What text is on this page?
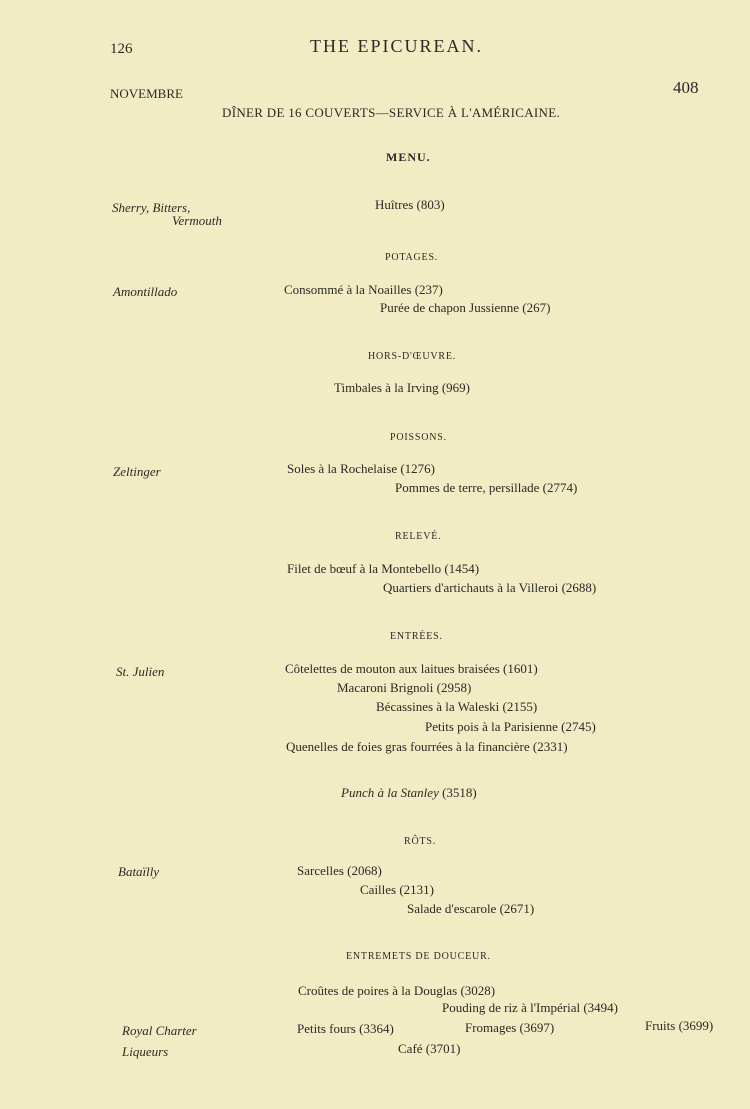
126	THE EPICUREAN.
NOVEMBRE	408
DÎNER DE 16 COUVERTS—SERVICE À L'AMÉRICAINE.
MENU.
Sherry, Bitters,
Vermouth
Amontillado
Zeltinger
St. Julien
Bataïlly
Royal Charter
Liqueurs
Huîtres (803)
POTAGES.
Consommé à la Noailles (237)
Purée de chapon Jussienne (267)
HORS-D'ŒUVRE.
Timbales à la Irving (969)
POISSONS.
Soles à la Rochelaise (1276)
Pommes de terre, persillade (2774)
RELEVÉ.
Filet de bœuf à la Montebello (1454)
Quartiers d'artichauts à la Villeroi (2688)
ENTRÉES.
Côtelettes de mouton aux laitues braisées (1601)
Macaroni Brignoli (2958)
Bécassines à la Waleski (2155)
Petits pois à la Parisienne (2745)
Quenelles de foies gras fourrées à la financière (2331)
Punch à la Stanley (3518)
RÔTS.
Sarcelles (2068)
Cailles (2131)
Salade d'escarole (2671)
ENTREMETS DE DOUCEUR.
Croûtes de poires à la Douglas (3028)
Pouding de riz à l'Impérial (3494)
Petits fours (3364)	Fromages (3697)	Fruits (3699)
Café (3701)
